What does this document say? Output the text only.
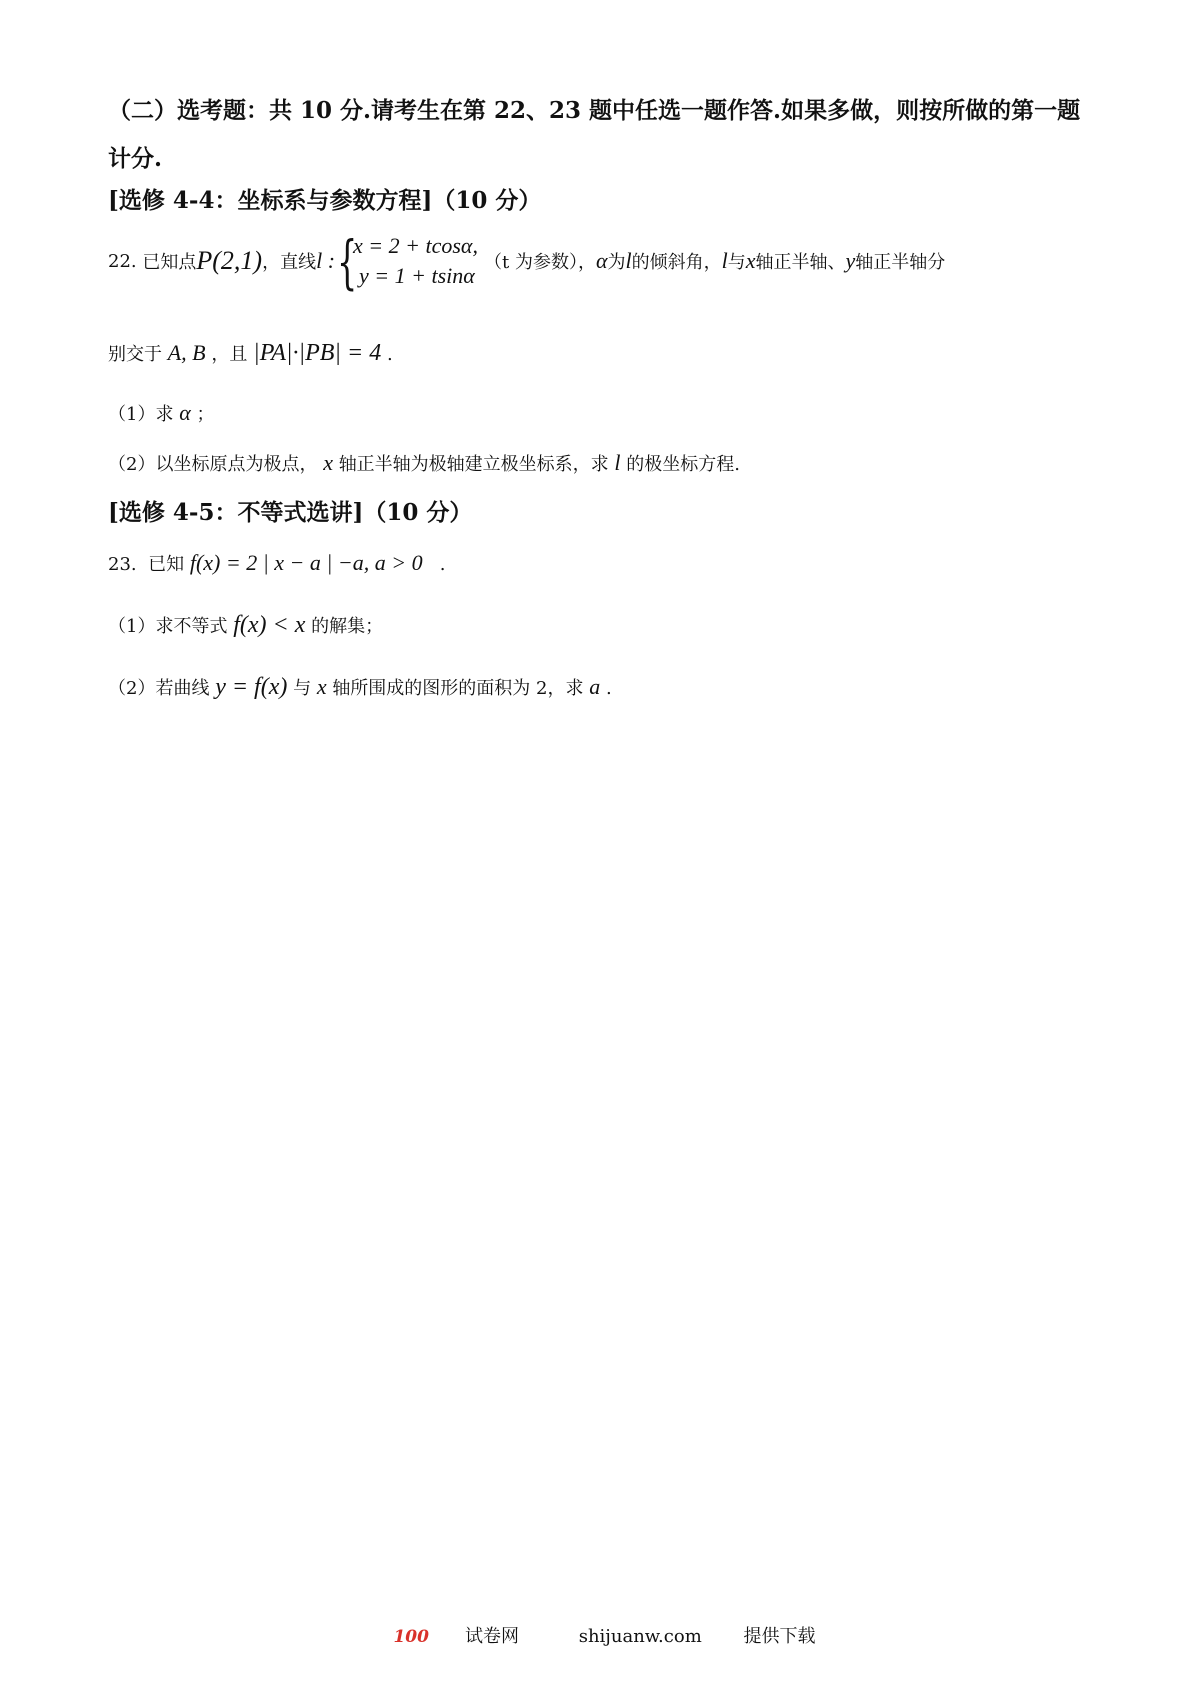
（二）选考题：共 10 分.请考生在第 22、23 题中任选一题作答.如果多做，则按所做的第一题
计分.
[选修 4-4：坐标系与参数方程]（10 分）
22.
已知点 P(2,1) ，直线 l : {
x = 2 + tcosα,
y = 1 + tsinα
（t 为参数）， α 为 l 的倾斜角， l 与 x 轴正半轴、 y 轴正半轴分
别交于 A, B ，且 |PA|·|PB| = 4 .
（1）求 α ；
（2）以坐标原点为极点， x 轴正半轴为极轴建立极坐标系，求 l 的极坐标方程.
[选修 4-5：不等式选讲]（10 分）
23. 已知 f(x) = 2 | x − a | −a, a > 0 .
（1）求不等式 f(x) < x 的解集；
（2）若曲线 y = f(x) 与 x 轴所围成的图形的面积为 2，求 a .
100 试卷网	shijuanw.com 提供下载
